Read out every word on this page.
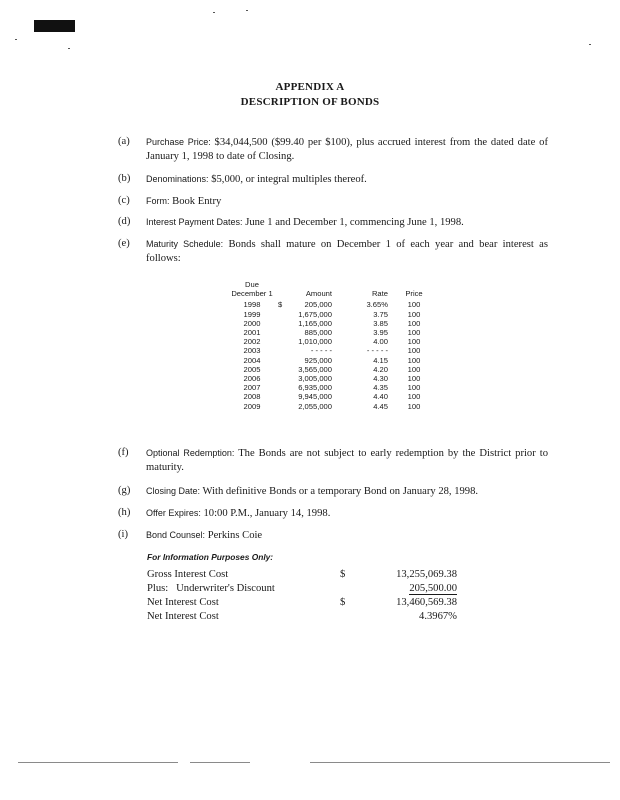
APPENDIX A
DESCRIPTION OF BONDS
(a) Purchase Price: $34,044,500 ($99.40 per $100), plus accrued interest from the dated date of January 1, 1998 to date of Closing.
(b) Denominations: $5,000, or integral multiples thereof.
(c) Form: Book Entry
(d) Interest Payment Dates: June 1 and December 1, commencing June 1, 1998.
(e) Maturity Schedule: Bonds shall mature on December 1 of each year and bear interest as follows:
Due
December 1		Amount	Rate	Price
1998	$	205,000	3.65%	100
1999		1,675,000	3.75	100
2000		1,165,000	3.85	100
2001		885,000	3.95	100
2002		1,010,000	4.00	100
2003		- - - - -	- - - - -	100
2004		925,000	4.15	100
2005		3,565,000	4.20	100
2006		3,005,000	4.30	100
2007		6,935,000	4.35	100
2008		9,945,000	4.40	100
2009		2,055,000	4.45	100
(f) Optional Redemption: The Bonds are not subject to early redemption by the District prior to maturity.
(g) Closing Date: With definitive Bonds or a temporary Bond on January 28, 1998.
(h) Offer Expires: 10:00 P.M., January 14, 1998.
(i) Bond Counsel: Perkins Coie
For Information Purposes Only:
Gross Interest Cost	$	13,255,069.38
Plus:   Underwriter's Discount	205,500.00
Net Interest Cost	$	13,460,569.38
Net Interest Cost	4.3967%
